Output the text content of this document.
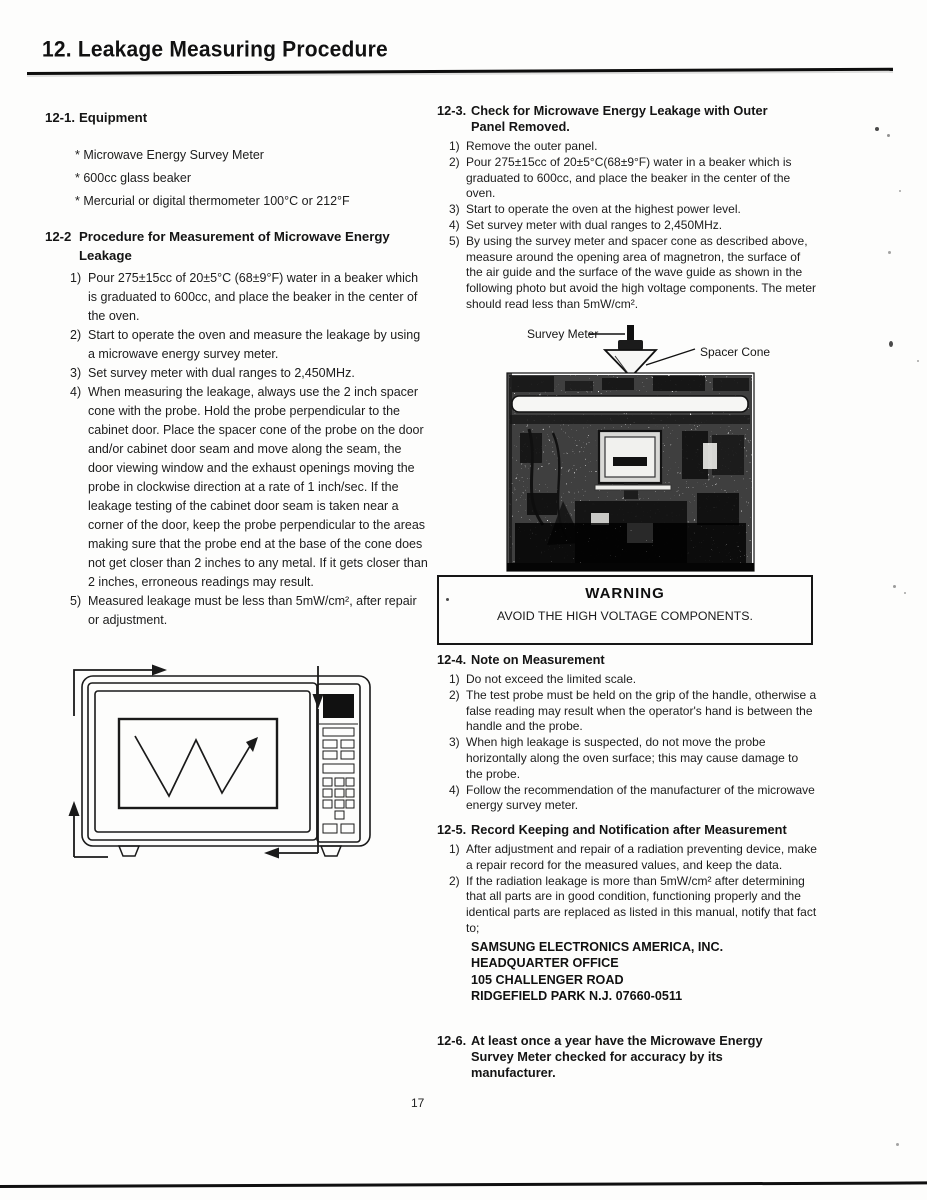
12. Leakage Measuring Procedure
12-1. Equipment
* Microwave Energy Survey Meter
* 600cc glass beaker
* Mercurial or digital thermometer 100°C or 212°F
12-2 Procedure for Measurement of Microwave Energy Leakage
1) Pour 275±15cc of 20±5°C (68±9°F) water in a beaker which is graduated to 600cc, and place the beaker in the center of the oven.
2) Start to operate the oven and measure the leakage by using a microwave energy survey meter.
3) Set survey meter with dual ranges to 2,450MHz.
4) When measuring the leakage, always use the 2 inch spacer cone with the probe. Hold the probe perpendicular to the cabinet door. Place the spacer cone of the probe on the door and/or cabinet door seam and move along the seam, the door viewing window and the exhaust openings moving the probe in clockwise direction at a rate of 1 inch/sec. If the leakage testing of the cabinet door seam is taken near a corner of the door, keep the probe perpendicular to the areas making sure that the probe end at the base of the cone does not get closer than 2 inches to any metal. If it gets closer than 2 inches, erroneous readings may result.
5) Measured leakage must be less than 5mW/cm², after repair or adjustment.
12-3. Check for Microwave Energy Leakage with Outer Panel Removed.
1) Remove the outer panel.
2) Pour 275±15cc of 20±5°C(68±9°F) water in a beaker which is graduated to 600cc, and place the beaker in the center of the oven.
3) Start to operate the oven at the highest power level.
4) Set survey meter with dual ranges to 2,450MHz.
5) By using the survey meter and spacer cone as described above, measure around the opening area of magnetron, the surface of the air guide and the surface of the wave guide as shown in the following photo but avoid the high voltage components. The meter should read less than 5mW/cm².
Survey Meter
Spacer Cone
WARNING
AVOID THE HIGH VOLTAGE COMPONENTS.
12-4. Note on Measurement
1) Do not exceed the limited scale.
2) The test probe must be held on the grip of the handle, otherwise a false reading may result when the operator's hand is between the handle and the probe.
3) When high leakage is suspected, do not move the probe horizontally along the oven surface; this may cause damage to the probe.
4) Follow the recommendation of the manufacturer of the microwave energy survey meter.
12-5. Record Keeping and Notification after Measurement
1) After adjustment and repair of a radiation preventing device, make a repair record for the measured values, and keep the data.
2) If the radiation leakage is more than 5mW/cm² after determining that all parts are in good condition, functioning properly and the identical parts are replaced as listed in this manual, notify that fact to;
SAMSUNG ELECTRONICS AMERICA, INC.
HEADQUARTER OFFICE
105 CHALLENGER ROAD
RIDGEFIELD PARK N.J. 07660-0511
12-6. At least once a year have the Microwave Energy Survey Meter checked for accuracy by its manufacturer.
17
